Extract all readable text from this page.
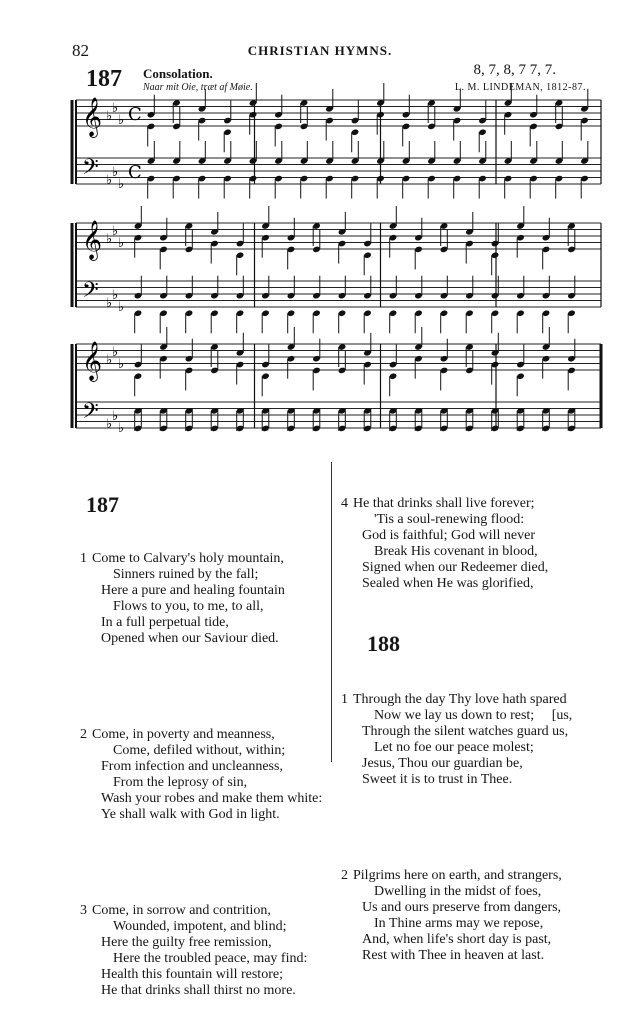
82	CHRISTIAN HYMNS.
187 Consolation.
Naar mit Oie, træt af Møie.
8, 7, 8, 7 7, 7.
L. M. LINDEMAN, 1812-87.
𝄞 ♭
♭
♭ C
𝄢 ♭
♭
♭
C
𝄞 ♭
♭
♭
𝄢 ♭
♭
♭
𝄞 ♭
♭
♭
𝄢 ♭
♭
♭

187

1 Come to Calvary's holy mountain,
Sinners ruined by the fall;
Here a pure and healing fountain
Flows to you, to me, to all,
In a full perpetual tide,
Opened when our Saviour died.

2 Come, in poverty and meanness,
Come, defiled without, within;
From infection and uncleanness,
From the leprosy of sin,
Wash your robes and make them white:
Ye shall walk with God in light.

3 Come, in sorrow and contrition,
Wounded, impotent, and blind;
Here the guilty free remission,
Here the troubled peace, may find:
Health this fountain will restore;
He that drinks shall thirst no more.

4 He that drinks shall live forever;
'Tis a soul-renewing flood:
God is faithful; God will never
Break His covenant in blood,
Signed when our Redeemer died,
Sealed when He was glorified,

188

1 Through the day Thy love hath spared
Now we lay us down to rest;     [us,
Through the silent watches guard us,
Let no foe our peace molest;
Jesus, Thou our guardian be,
Sweet it is to trust in Thee.

2 Pilgrims here on earth, and strangers,
Dwelling in the midst of foes,
Us and ours preserve from dangers,
In Thine arms may we repose,
And, when life's short day is past,
Rest with Thee in heaven at last.
